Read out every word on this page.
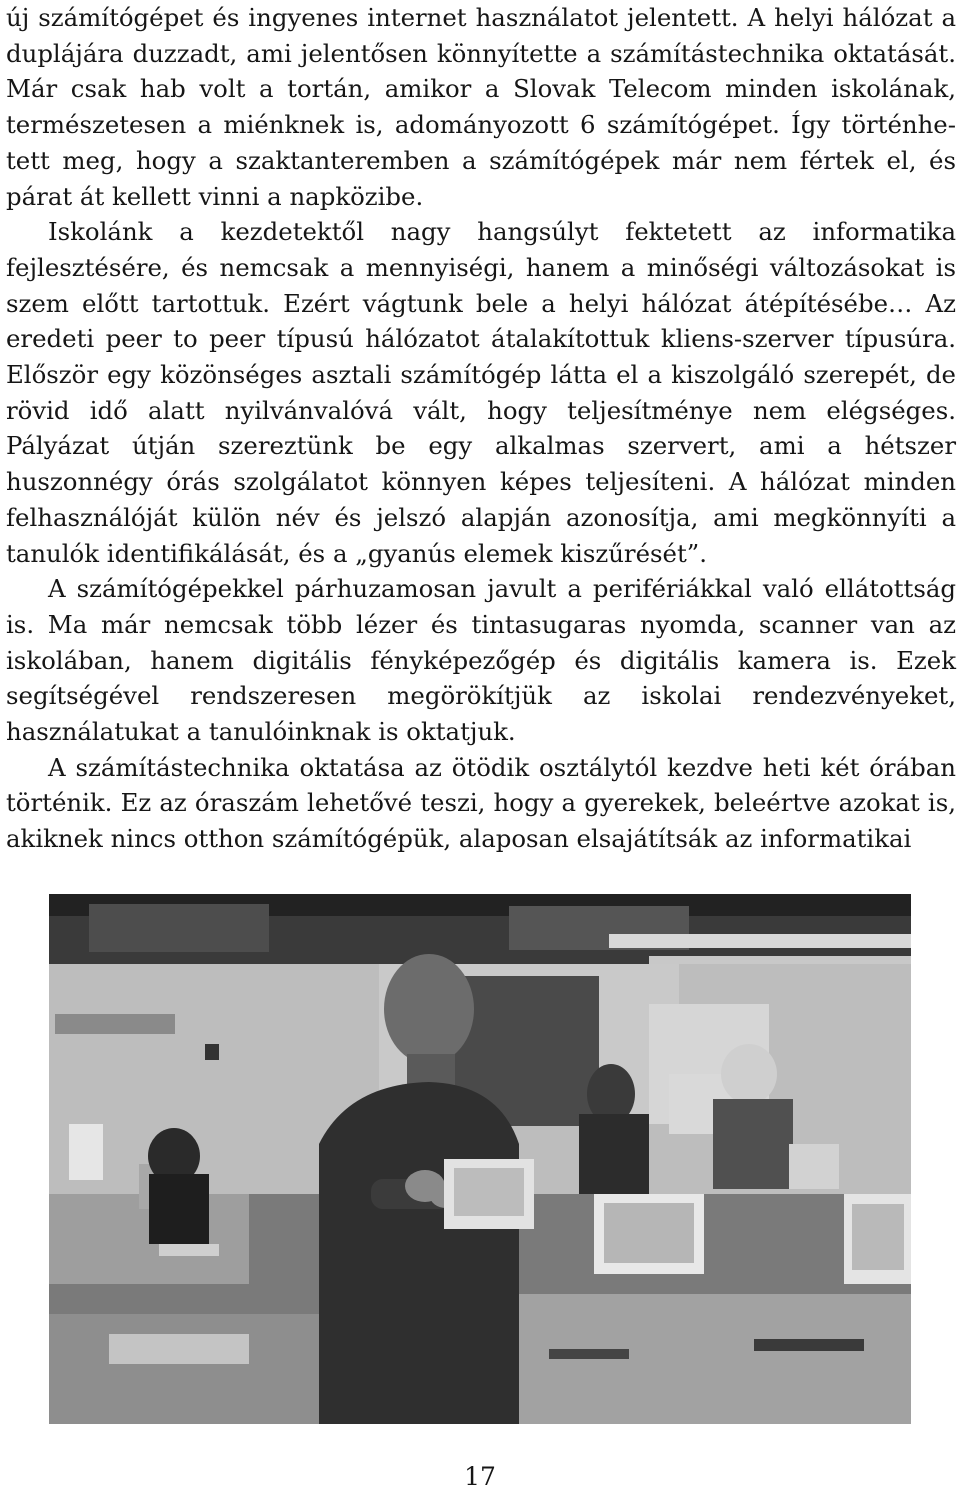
új számítógépet és ingyenes internet használatot jelentett. A helyi hálózat a duplájára duzzadt, ami jelentősen könnyítette a számítástechnika oktatását. Már csak hab volt a tortán, amikor a Slovak Telecom minden iskolának, természetesen a miénknek is, adományozott 6 számítógépet. Így történhetett meg, hogy a szaktanteremben a számítógépek már nem fértek el, és párat át kellett vinni a napközibe.

Iskolánk a kezdetektől nagy hangsúlyt fektetett az informatika fejlesztésére, és nemcsak a mennyiségi, hanem a minőségi változásokat is szem előtt tartottuk. Ezért vágtunk bele a helyi hálózat átépítésébe… Az eredeti peer to peer típusú hálózatot átalakítottuk kliens-szerver típusúra. Először egy közönséges asztali számítógép látta el a kiszolgáló szerepét, de rövid idő alatt nyilvánvalóvá vált, hogy teljesítménye nem elégséges. Pályázat útján szereztünk be egy alkalmas szervert, ami a hétszer huszonnégy órás szolgálatot könnyen képes teljesíteni. A hálózat minden felhasználóját külön név és jelszó alapján azonosítja, ami megkönnyíti a tanulók identifikálását, és a „gyanús elemek kiszűrését”.

A számítógépekkel párhuzamosan javult a perifériákkal való ellátottság is. Ma már nemcsak több lézer és tintasugaras nyomda, scanner van az iskolában, hanem digitális fényképezőgép és digitális kamera is. Ezek segítségével rendszeresen megörökítjük az iskolai rendezvényeket, használatukat a tanulóinknak is oktatjuk.

A számítástechnika oktatása az ötödik osztálytól kezdve heti két órában történik. Ez az óraszám lehetővé teszi, hogy a gyerekek, beleértve azokat is, akiknek nincs otthon számítógépük, alaposan elsajátítsák az informatikai

17
